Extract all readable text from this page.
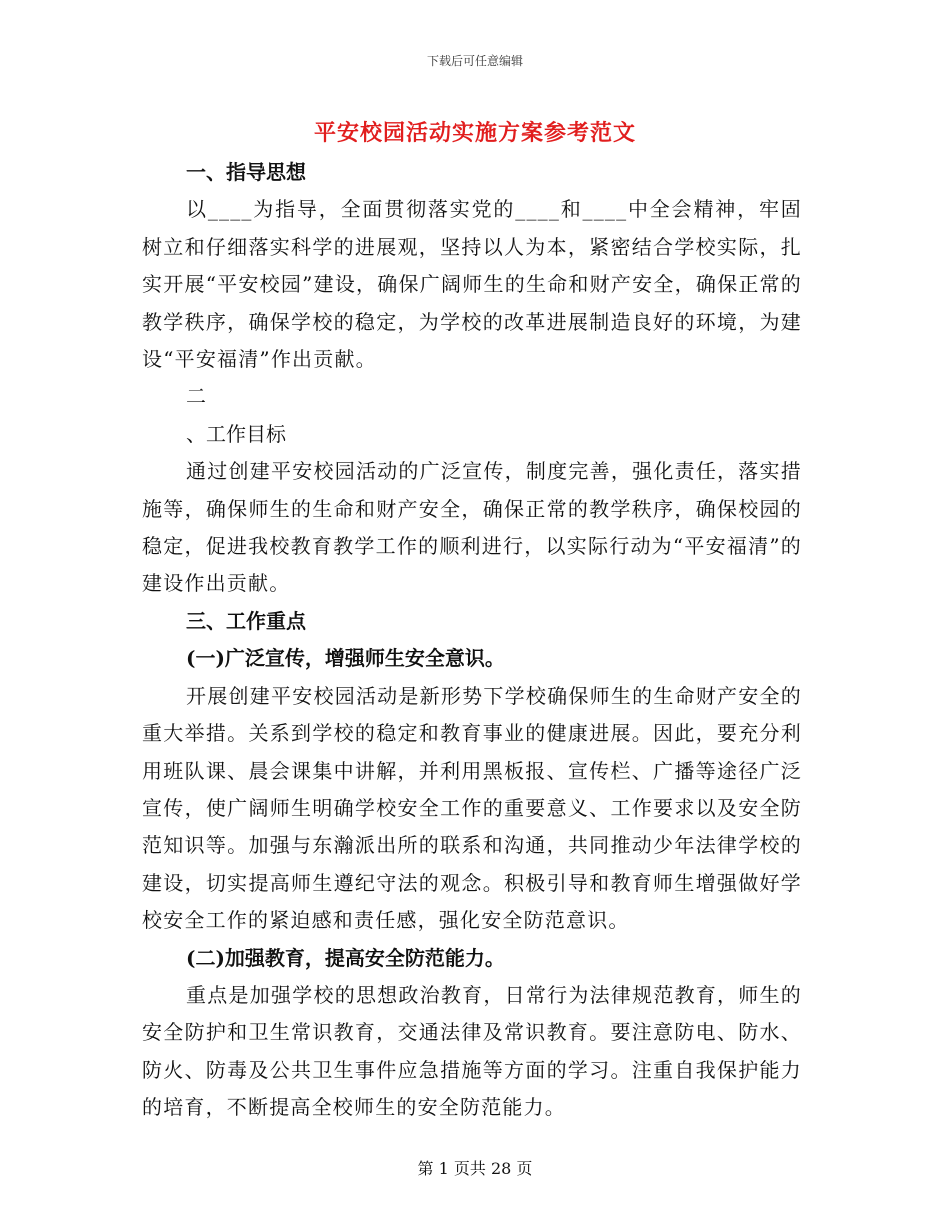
下载后可任意编辑
平安校园活动实施方案参考范文
一、指导思想
以____为指导，全面贯彻落实党的____和____中全会精神，牢固树立和仔细落实科学的进展观，坚持以人为本，紧密结合学校实际，扎实开展“平安校园”建设，确保广阔师生的生命和财产安全，确保正常的教学秩序，确保学校的稳定，为学校的改革进展制造良好的环境，为建设“平安福清”作出贡献。
二
、工作目标
通过创建平安校园活动的广泛宣传，制度完善，强化责任，落实措施等，确保师生的生命和财产安全，确保正常的教学秩序，确保校园的稳定，促进我校教育教学工作的顺利进行，以实际行动为“平安福清”的建设作出贡献。
三、工作重点
(一)广泛宣传，增强师生安全意识。
开展创建平安校园活动是新形势下学校确保师生的生命财产安全的重大举措。关系到学校的稳定和教育事业的健康进展。因此，要充分利用班队课、晨会课集中讲解，并利用黑板报、宣传栏、广播等途径广泛宣传，使广阔师生明确学校安全工作的重要意义、工作要求以及安全防范知识等。加强与东瀚派出所的联系和沟通，共同推动少年法律学校的建设，切实提高师生遵纪守法的观念。积极引导和教育师生增强做好学校安全工作的紧迫感和责任感，强化安全防范意识。
(二)加强教育，提高安全防范能力。
重点是加强学校的思想政治教育，日常行为法律规范教育，师生的安全防护和卫生常识教育，交通法律及常识教育。要注意防电、防水、防火、防毒及公共卫生事件应急措施等方面的学习。注重自我保护能力的培育，不断提高全校师生的安全防范能力。
第 1 页共 28 页
